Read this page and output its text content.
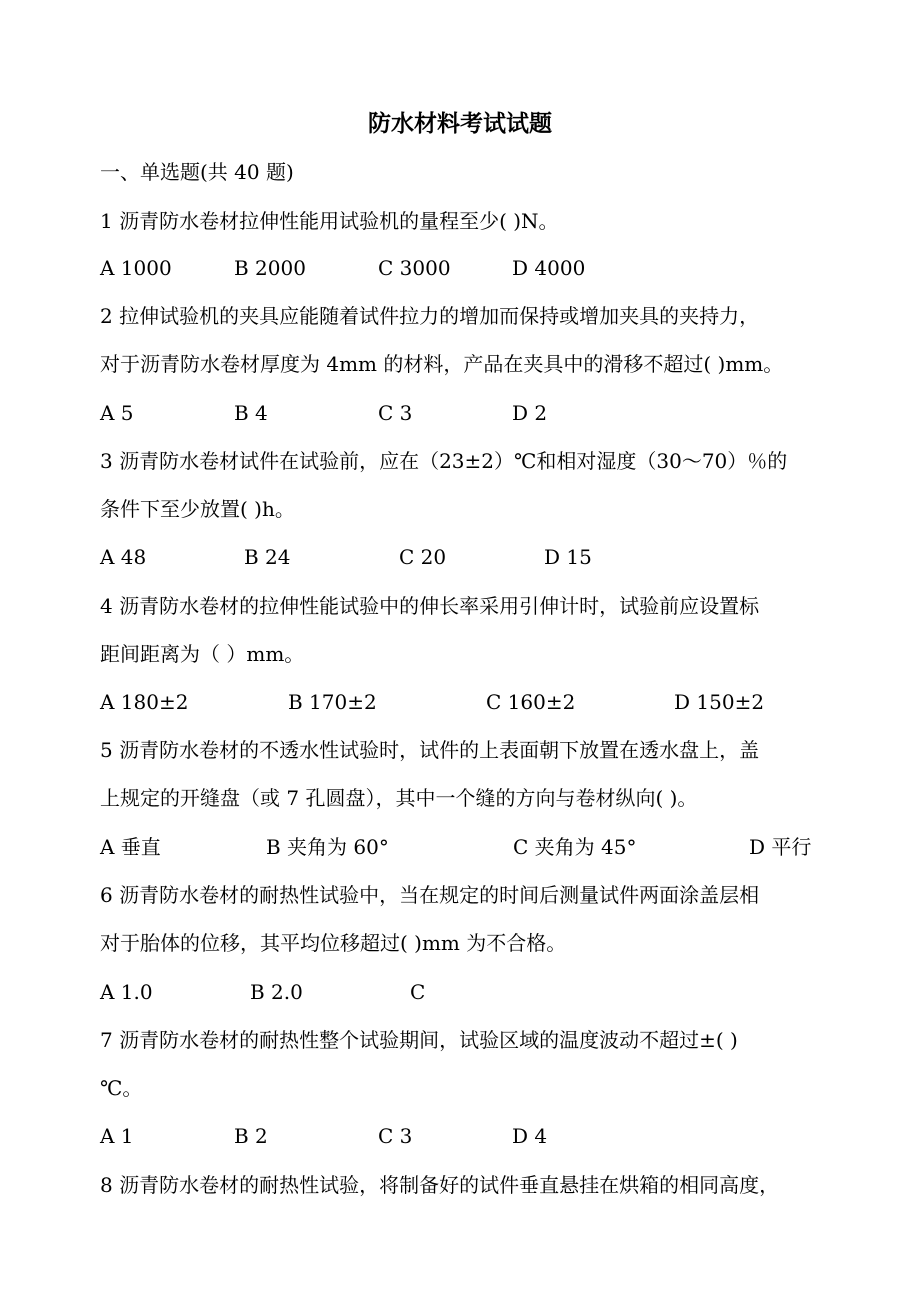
防水材料考试试题
一、单选题(共 40 题)
1 沥青防水卷材拉伸性能用试验机的量程至少( )N。
A 1000	B 2000	C 3000	D 4000
2 拉伸试验机的夹具应能随着试件拉力的增加而保持或增加夹具的夹持力，
对于沥青防水卷材厚度为 4mm 的材料，产品在夹具中的滑移不超过( )mm。
A 5	B 4	C 3	D 2
3 沥青防水卷材试件在试验前，应在（23±2）℃和相对湿度（30～70）％的
条件下至少放置( )h。
A 48	B 24	C 20	D 15
4 沥青防水卷材的拉伸性能试验中的伸长率采用引伸计时，试验前应设置标
距间距离为（ ）mm。
A 180±2	B 170±2	C 160±2	D 150±2
5 沥青防水卷材的不透水性试验时，试件的上表面朝下放置在透水盘上，盖
上规定的开缝盘（或 7 孔圆盘），其中一个缝的方向与卷材纵向( )。
A 垂直	B 夹角为 60°	C 夹角为 45°	D 平行
6 沥青防水卷材的耐热性试验中，当在规定的时间后测量试件两面涂盖层相
对于胎体的位移，其平均位移超过( )mm 为不合格。
A 1.0	B 2.0	C
7 沥青防水卷材的耐热性整个试验期间，试验区域的温度波动不超过±( )
℃。
A 1	B 2	C 3	D 4
8 沥青防水卷材的耐热性试验，将制备好的试件垂直悬挂在烘箱的相同高度，
